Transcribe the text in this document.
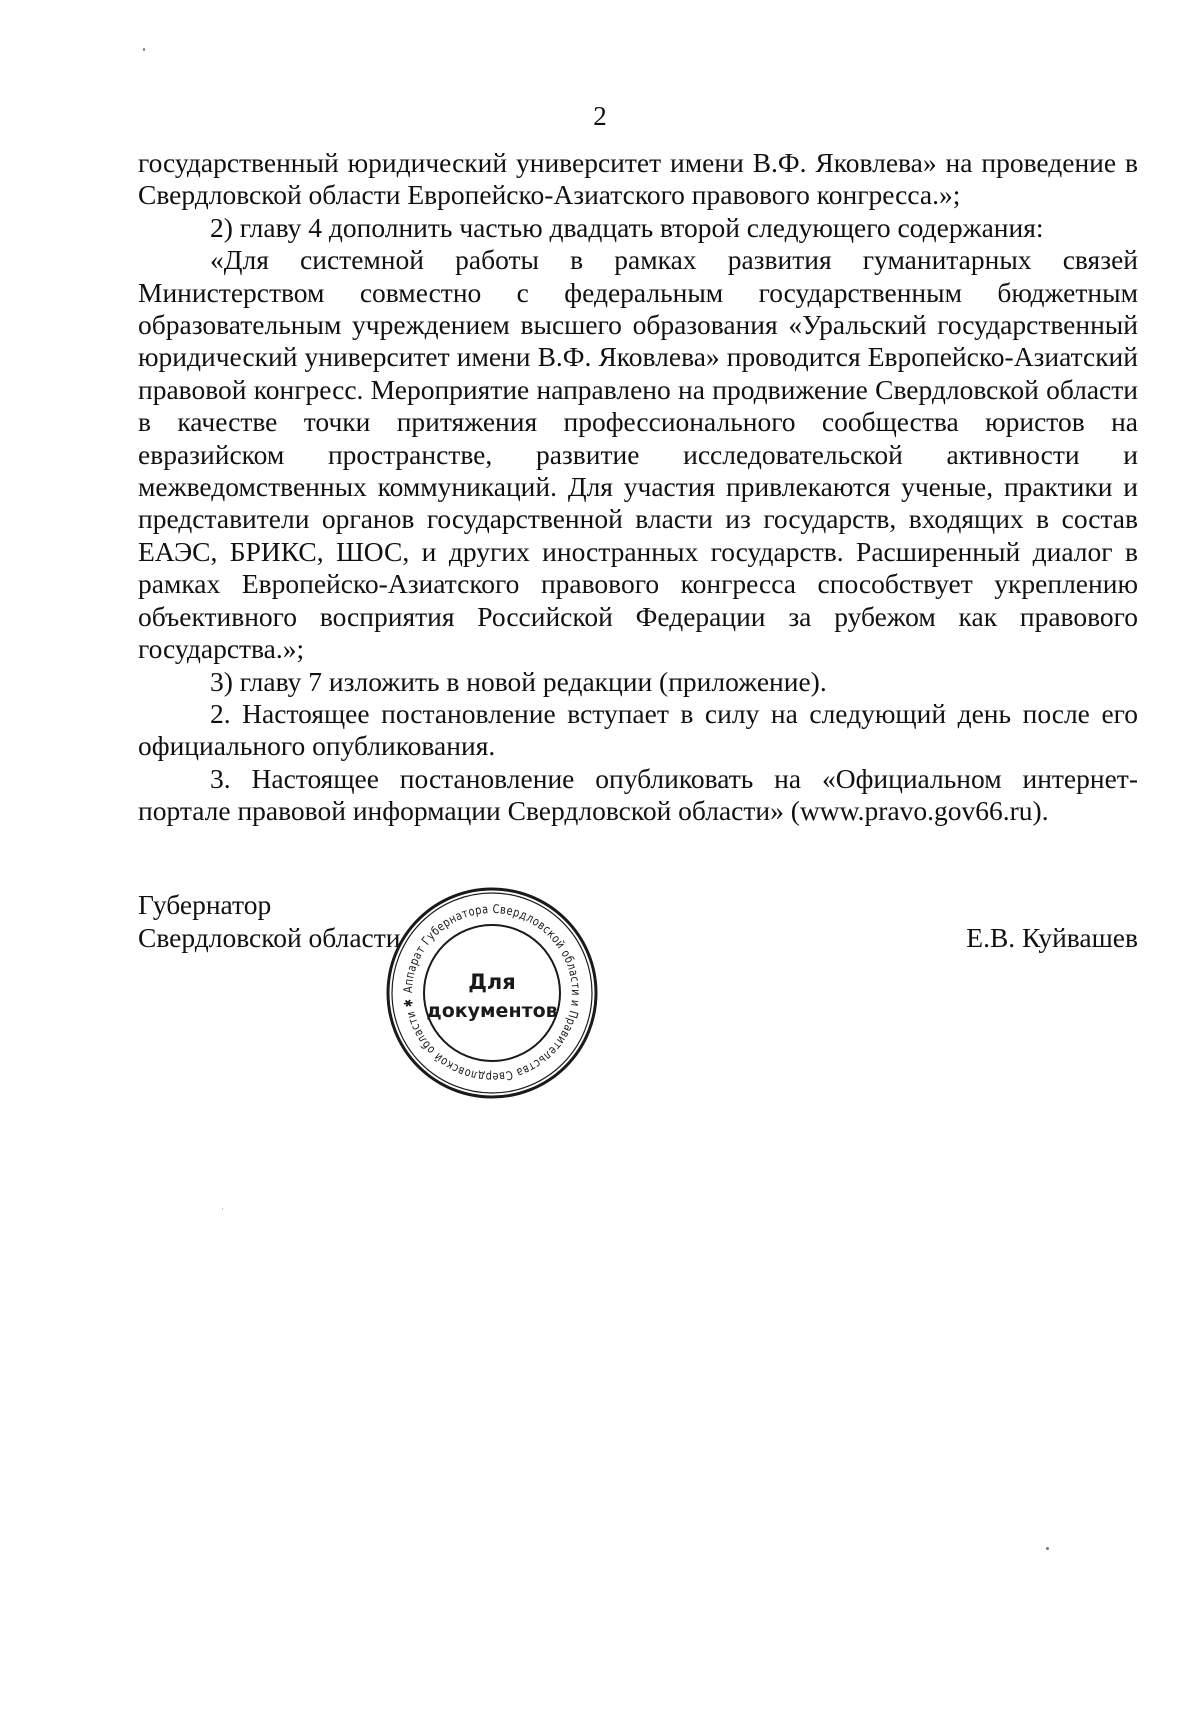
2

государственный юридический университет имени В.Ф. Яковлева» на проведение в Свердловской области Европейско-Азиатского правового конгресса.»;

2) главу 4 дополнить частью двадцать второй следующего содержания:

«Для системной работы в рамках развития гуманитарных связей Министерством совместно с федеральным государственным бюджетным образовательным учреждением высшего образования «Уральский государственный юридический университет имени В.Ф. Яковлева» проводится Европейско-Азиатский правовой конгресс. Мероприятие направлено на продвижение Свердловской области в качестве точки притяжения профессионального сообщества юристов на евразийском пространстве, развитие исследовательской активности и межведомственных коммуникаций. Для участия привлекаются ученые, практики и представители органов государственной власти из государств, входящих в состав ЕАЭС, БРИКС, ШОС, и других иностранных государств. Расширенный диалог в рамках Европейско-Азиатского правового конгресса способствует укреплению объективного восприятия Российской Федерации за рубежом как правового государства.»;

3) главу 7 изложить в новой редакции (приложение).

2. Настоящее постановление вступает в силу на следующий день после его официального опубликования.

3. Настоящее постановление опубликовать на «Официальном интернет-портале правовой информации Свердловской области» (www.pravo.gov66.ru).

Губернатор
Свердловской области	Е.В. Куйвашев
Аппарат Губернатора Свердловской области и Правительства Свердловской области ✱
Для
документов
